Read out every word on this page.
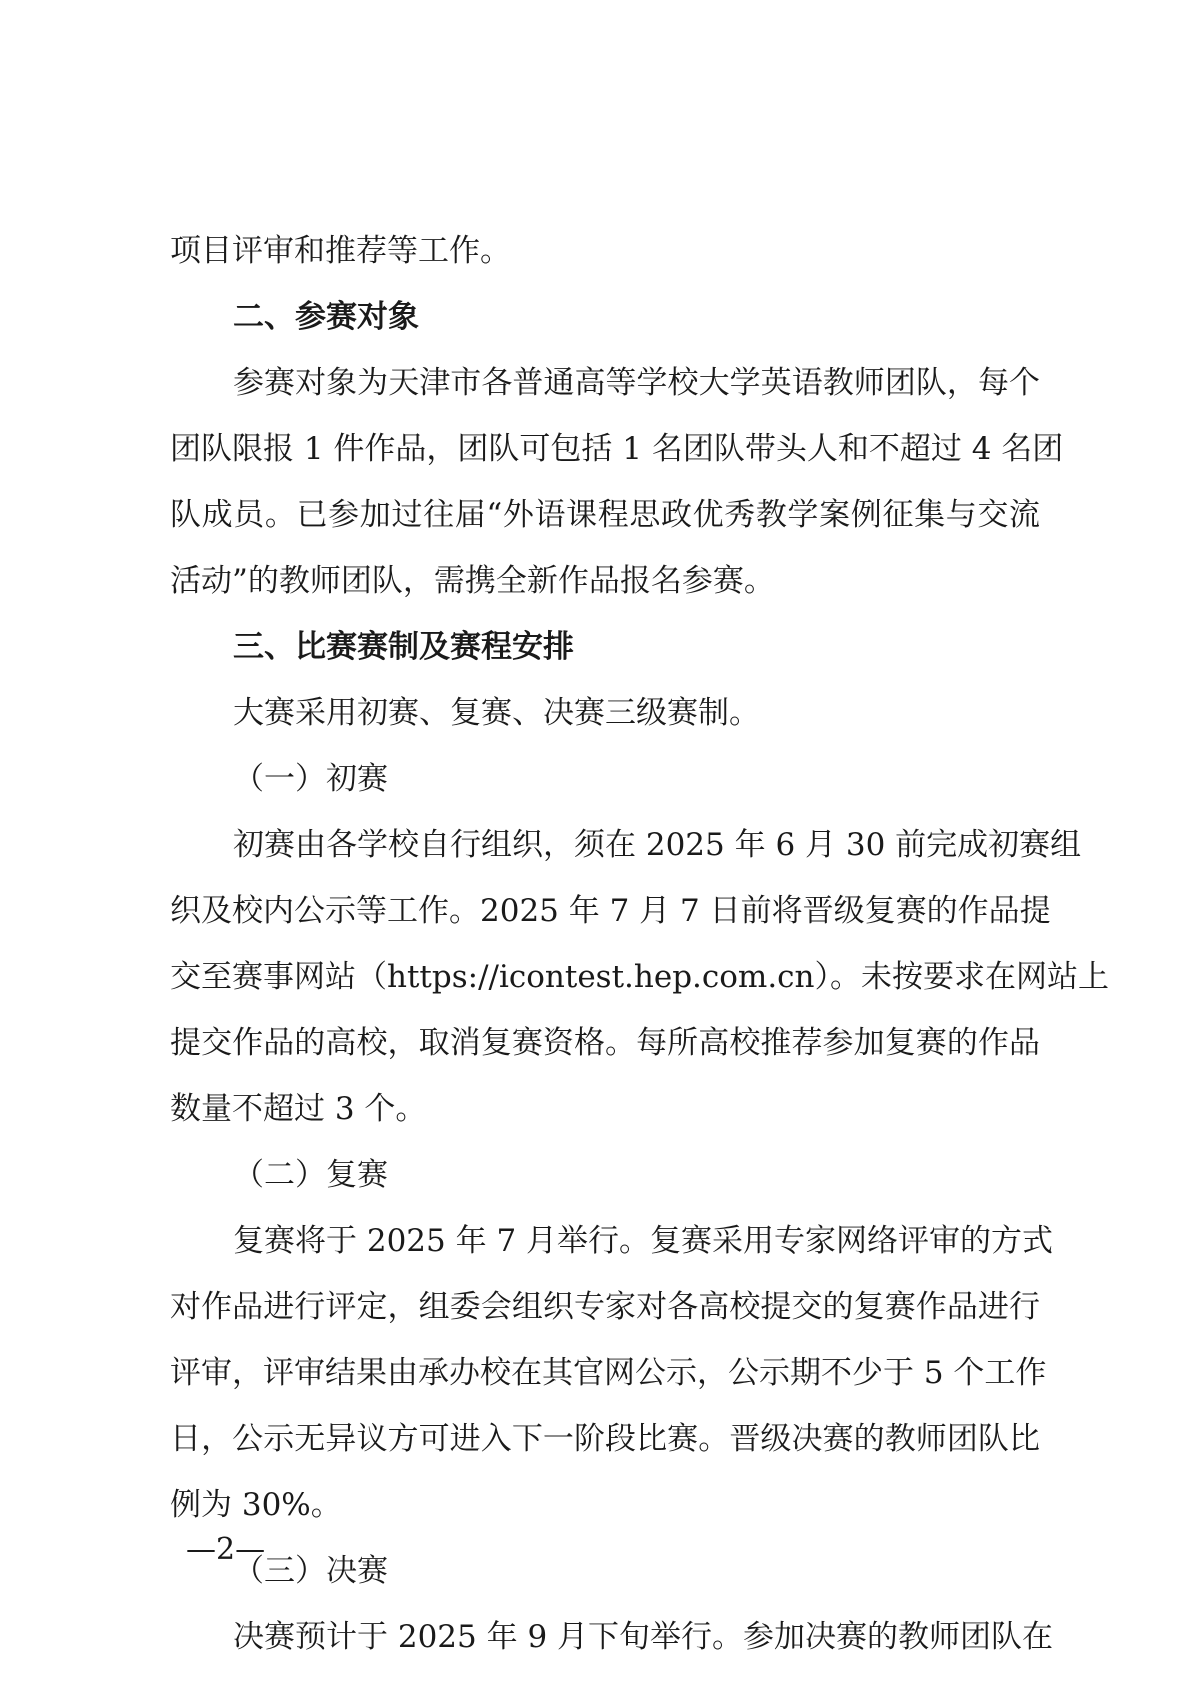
项目评审和推荐等工作。
二、参赛对象
参赛对象为天津市各普通高等学校大学英语教师团队，每个
团队限报 1 件作品，团队可包括 1 名团队带头人和不超过 4 名团
队成员。已参加过往届“外语课程思政优秀教学案例征集与交流
活动”的教师团队，需携全新作品报名参赛。
三、比赛赛制及赛程安排
大赛采用初赛、复赛、决赛三级赛制。
（一）初赛
初赛由各学校自行组织，须在 2025 年 6 月 30 前完成初赛组
织及校内公示等工作。2025 年 7 月 7 日前将晋级复赛的作品提
交至赛事网站（https://icontest.hep.com.cn）。未按要求在网站上
提交作品的高校，取消复赛资格。每所高校推荐参加复赛的作品
数量不超过 3 个。
（二）复赛
复赛将于 2025 年 7 月举行。复赛采用专家网络评审的方式
对作品进行评定，组委会组织专家对各高校提交的复赛作品进行
评审，评审结果由承办校在其官网公示，公示期不少于 5 个工作
日，公示无异议方可进入下一阶段比赛。晋级决赛的教师团队比
例为 30%。
（三）决赛
决赛预计于 2025 年 9 月下旬举行。参加决赛的教师团队在
—2—
